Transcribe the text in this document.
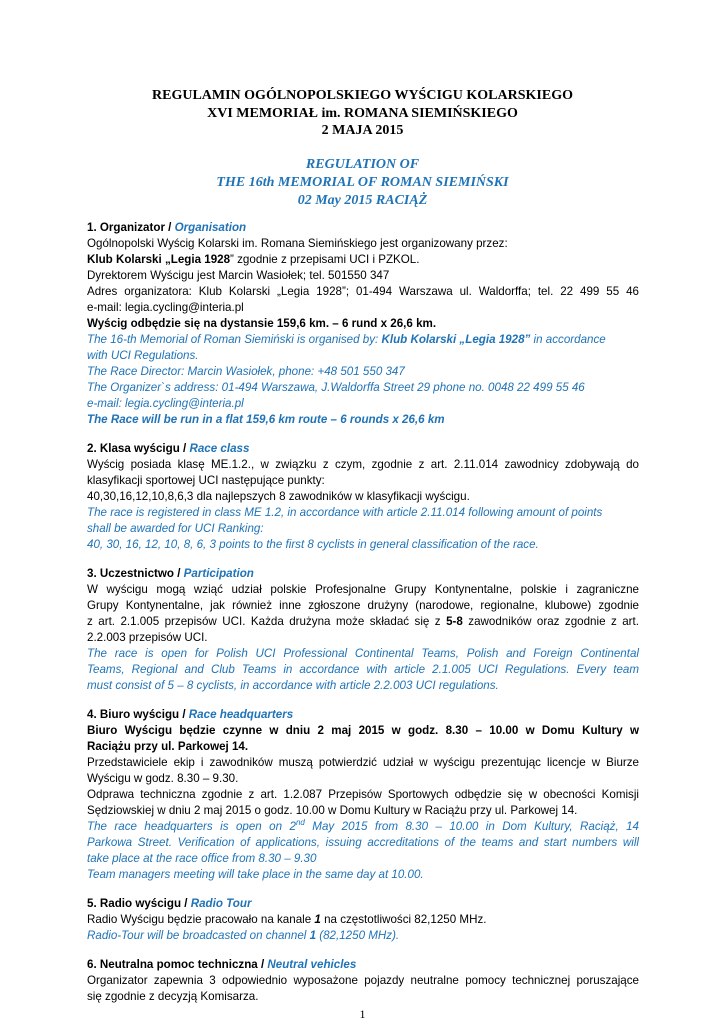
REGULAMIN OGÓLNOPOLSKIEGO WYŚCIGU KOLARSKIEGO
XVI MEMORIAŁ im. ROMANA SIEMIŃSKIEGO
2 MAJA 2015
REGULATION OF
THE 16th MEMORIAL OF ROMAN SIEMIŃSKI
02 May 2015 RACIĄŻ
1. Organizator / Organisation
Ogólnopolski Wyścig Kolarski im. Romana Siemińskiego jest organizowany przez:
Klub Kolarski „Legia 1928” zgodnie z przepisami UCI i PZKOL.
Dyrektorem Wyścigu jest Marcin Wasiołek; tel. 501550 347
Adres organizatora: Klub Kolarski „Legia 1928”; 01-494 Warszawa ul. Waldorffa; tel. 22 499 55 46
e-mail: legia.cycling@interia.pl
Wyścig odbędzie się na dystansie 159,6 km. – 6 rund x 26,6 km.
The 16-th Memorial of Roman Siemiński is organised by: Klub Kolarski „Legia 1928” in accordance
with UCI Regulations.
The Race Director: Marcin Wasiołek, phone: +48 501 550 347
The Organizer`s address: 01-494 Warszawa, J.Waldorffa Street 29 phone no. 0048 22 499 55 46
e-mail: legia.cycling@interia.pl
The Race will be run in a flat 159,6 km route – 6 rounds x 26,6 km
2. Klasa wyścigu / Race class
Wyścig posiada klasę ME.1.2., w związku z czym, zgodnie z art. 2.11.014 zawodnicy zdobywają do
klasyfikacji sportowej UCI następujące punkty:
40,30,16,12,10,8,6,3 dla najlepszych 8 zawodników w klasyfikacji wyścigu.
The race is registered in class ME 1.2, in accordance with article 2.11.014 following amount of points
shall be awarded for UCI Ranking:
40, 30, 16, 12, 10, 8, 6, 3 points to the first 8 cyclists in general classification of the race.
3. Uczestnictwo / Participation
W wyścigu mogą wziąć udział polskie Profesjonalne Grupy Kontynentalne, polskie i zagraniczne
Grupy Kontynentalne, jak również inne zgłoszone drużyny (narodowe, regionalne, klubowe) zgodnie
z art. 2.1.005 przepisów UCI. Każda drużyna może składać się z 5-8 zawodników oraz zgodnie z art.
2.2.003 przepisów UCI.
The race is open for Polish UCI Professional Continental Teams, Polish and Foreign Continental
Teams, Regional and Club Teams in accordance with article 2.1.005 UCI Regulations. Every team
must consist of 5 – 8 cyclists, in accordance with article 2.2.003 UCI regulations.
4. Biuro wyścigu / Race headquarters
Biuro Wyścigu będzie czynne w dniu 2 maj 2015 w godz. 8.30 – 10.00 w Domu Kultury w
Raciążu przy ul. Parkowej 14.
Przedstawiciele ekip i zawodników muszą potwierdzić udział w wyścigu prezentując licencje w Biurze
Wyścigu w godz. 8.30 – 9.30.
Odprawa techniczna zgodnie z art. 1.2.087 Przepisów Sportowych odbędzie się w obecności Komisji
Sędziowskiej w dniu 2 maj 2015 o godz. 10.00 w Domu Kultury w Raciążu przy ul. Parkowej 14.
The race headquarters is open on 2nd May 2015 from 8.30 – 10.00 in Dom Kultury, Raciąż, 14
Parkowa Street. Verification of applications, issuing accreditations of the teams and start numbers will
take place at the race office from 8.30 – 9.30
Team managers meeting will take place in the same day at 10.00.
5. Radio wyścigu / Radio Tour
Radio Wyścigu będzie pracowało na kanale 1 na częstotliwości 82,1250 MHz.
Radio-Tour will be broadcasted on channel 1 (82,1250 MHz).
6. Neutralna pomoc techniczna / Neutral vehicles
Organizator zapewnia 3 odpowiednio wyposażone pojazdy neutralne pomocy technicznej poruszające
się zgodnie z decyzją Komisarza.
1
